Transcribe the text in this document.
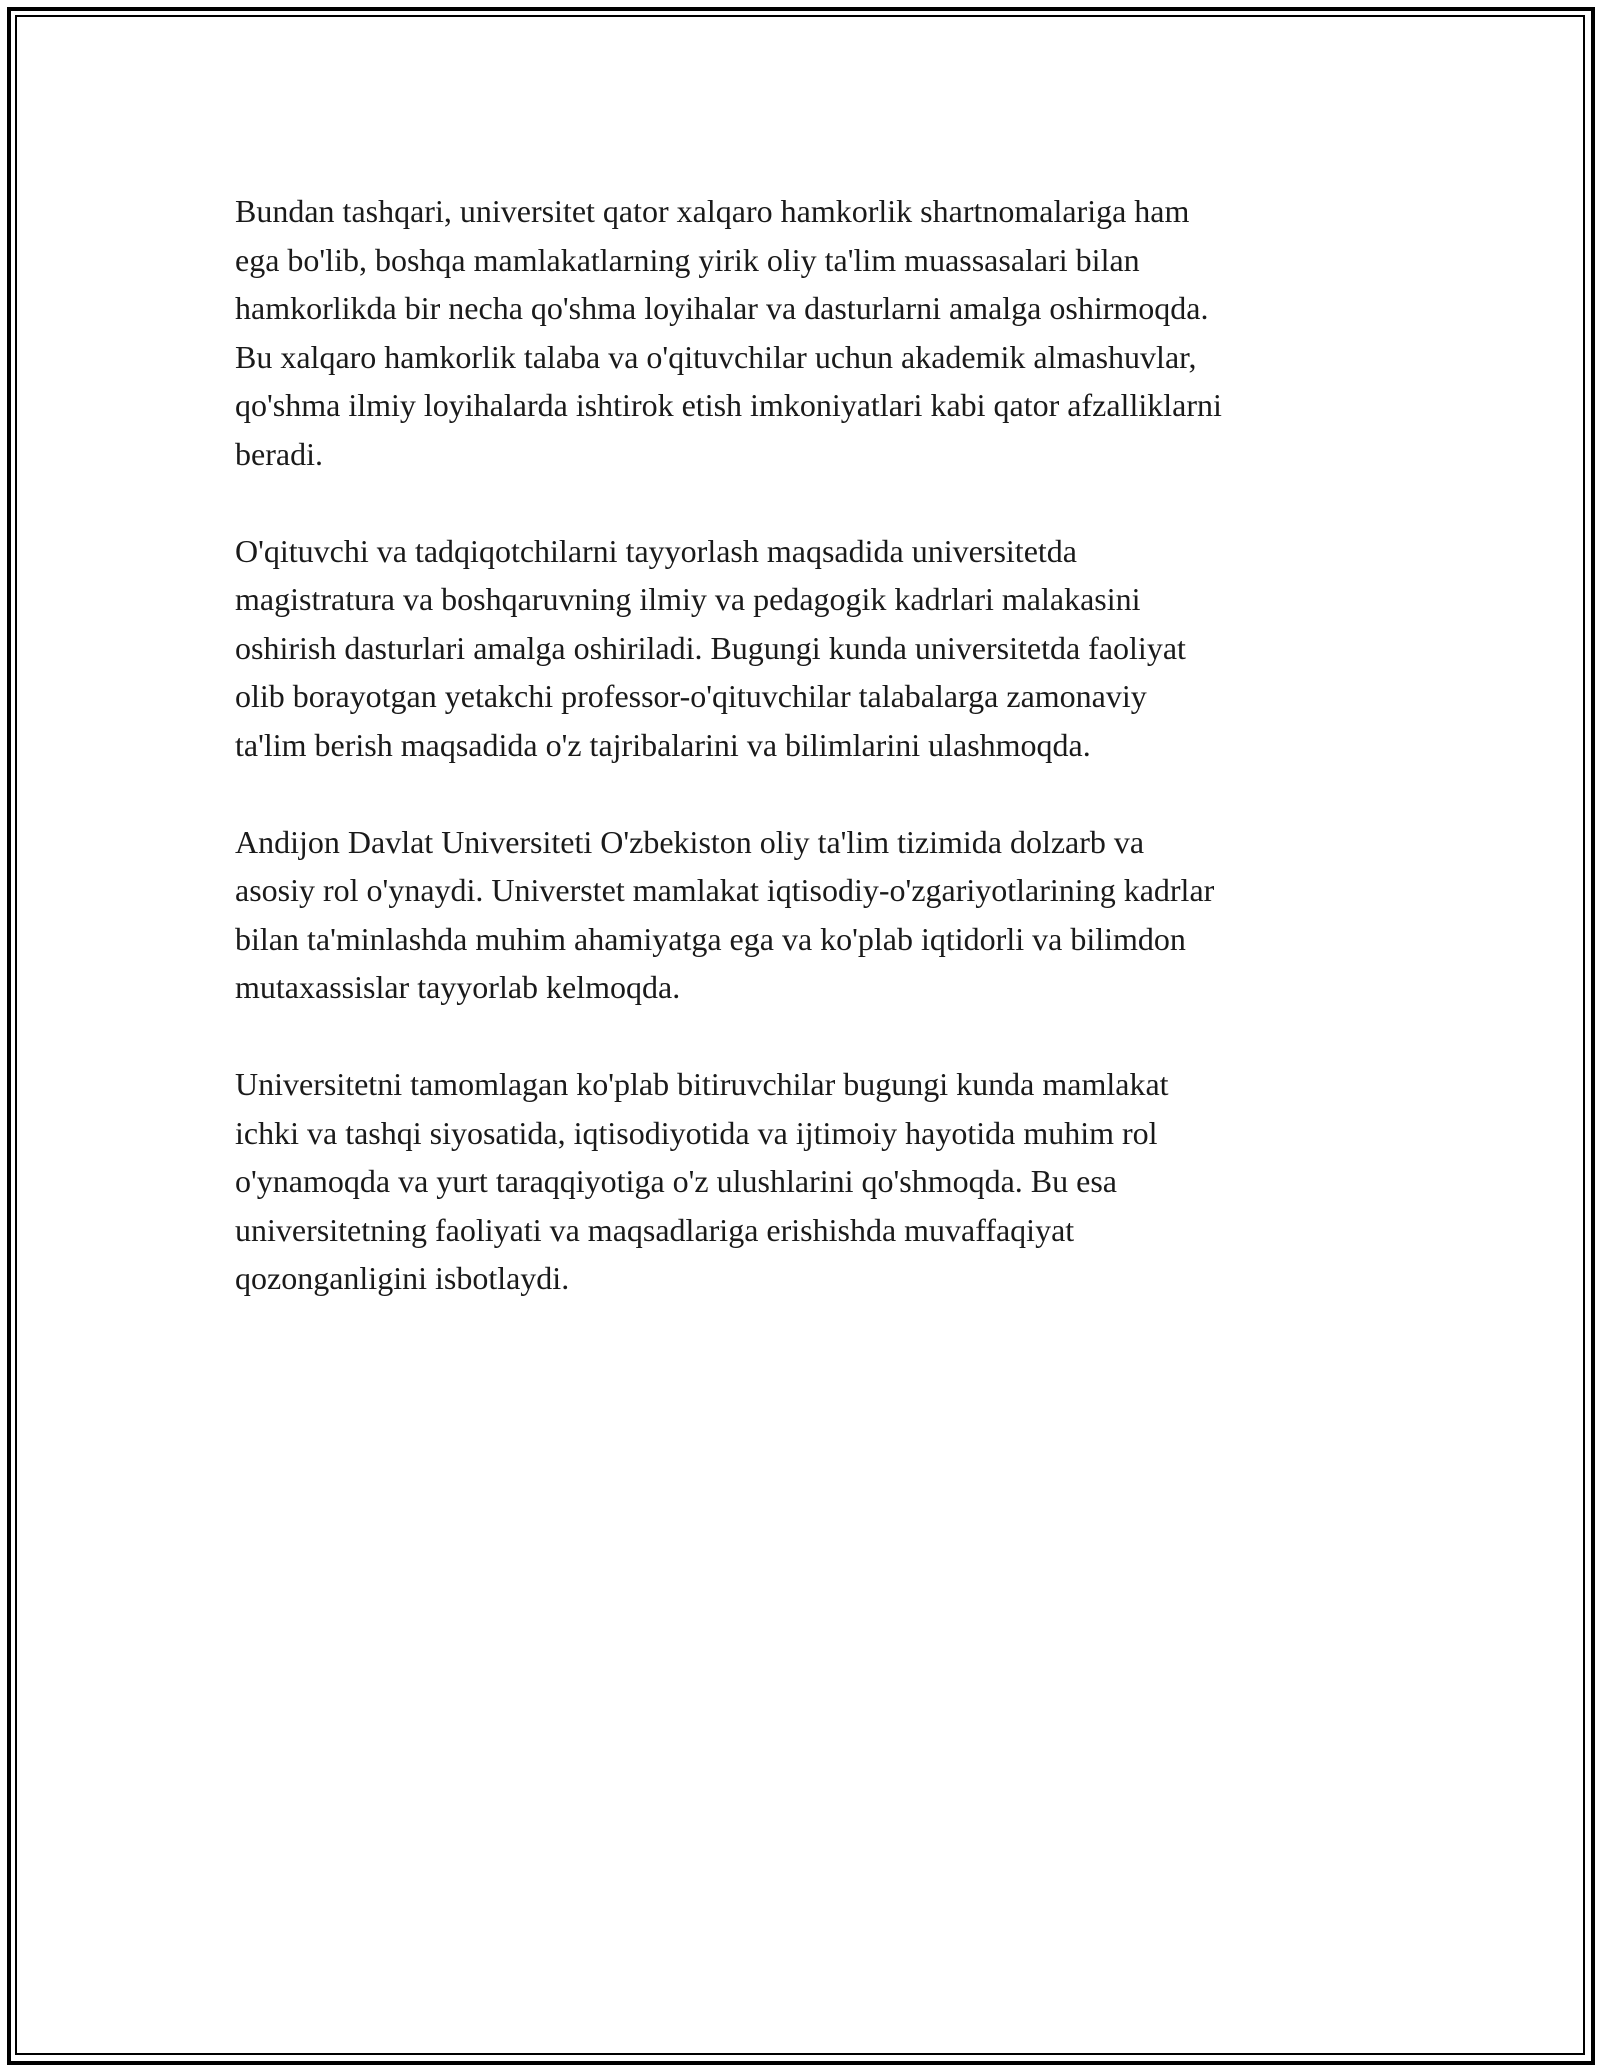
Bundan tashqari, universitet qator xalqaro hamkorlik shartnomalariga ham
ega bo'lib, boshqa mamlakatlarning yirik oliy ta'lim muassasalari bilan
hamkorlikda bir necha qo'shma loyihalar va dasturlarni amalga oshirmoqda.
Bu xalqaro hamkorlik talaba va o'qituvchilar uchun akademik almashuvlar,
qo'shma ilmiy loyihalarda ishtirok etish imkoniyatlari kabi qator afzalliklarni
beradi.

O'qituvchi va tadqiqotchilarni tayyorlash maqsadida universitetda
magistratura va boshqaruvning ilmiy va pedagogik kadrlari malakasini
oshirish dasturlari amalga oshiriladi. Bugungi kunda universitetda faoliyat
olib borayotgan yetakchi professor-o'qituvchilar talabalarga zamonaviy
ta'lim berish maqsadida o'z tajribalarini va bilimlarini ulashmoqda.

Andijon Davlat Universiteti O'zbekiston oliy ta'lim tizimida dolzarb va
asosiy rol o'ynaydi. Universtet mamlakat iqtisodiy-o'zgariyotlarining kadrlar
bilan ta'minlashda muhim ahamiyatga ega va ko'plab iqtidorli va bilimdon
mutaxassislar tayyorlab kelmoqda.

Universitetni tamomlagan ko'plab bitiruvchilar bugungi kunda mamlakat
ichki va tashqi siyosatida, iqtisodiyotida va ijtimoiy hayotida muhim rol
o'ynamoqda va yurt taraqqiyotiga o'z ulushlarini qo'shmoqda. Bu esa
universitetning faoliyati va maqsadlariga erishishda muvaffaqiyat
qozonganligini isbotlaydi.
